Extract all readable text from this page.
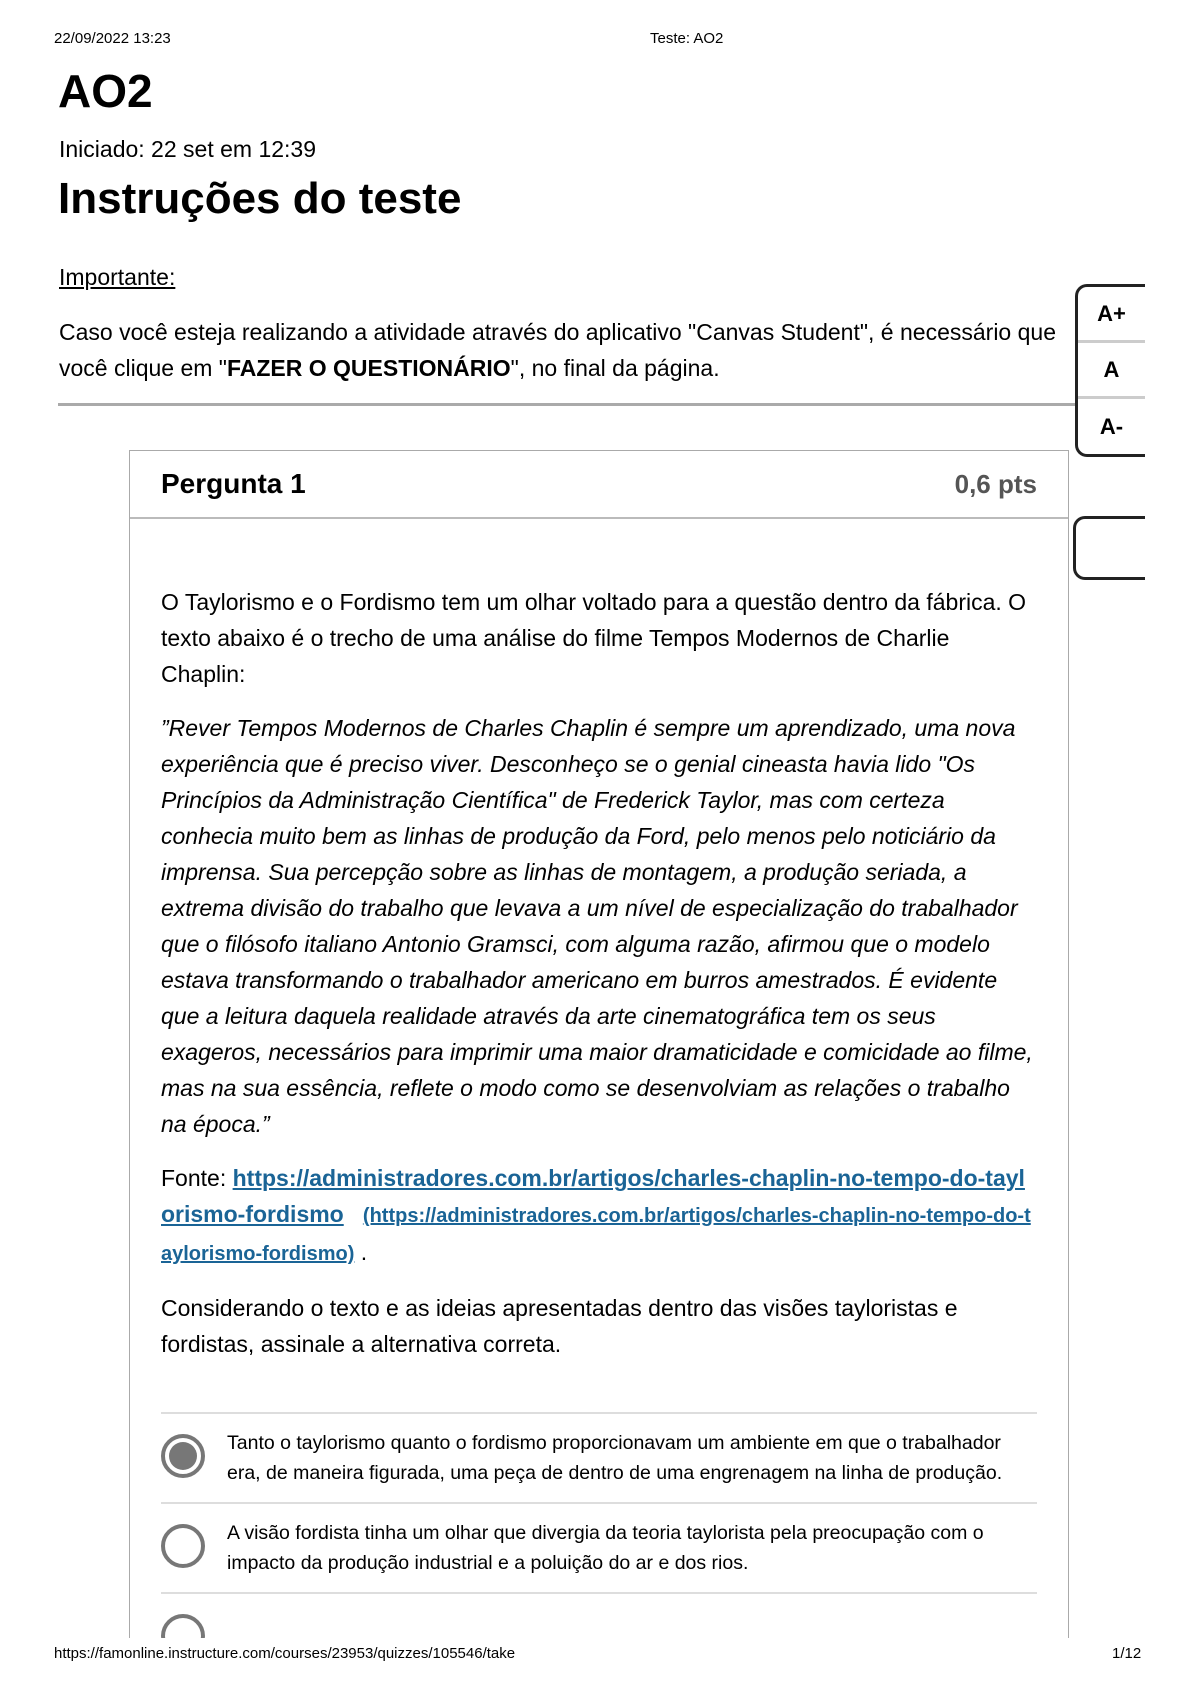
22/09/2022 13:23	Teste: AO2
AO2
Iniciado: 22 set em 12:39
Instruções do teste
Importante:
Caso você esteja realizando a atividade através do aplicativo "Canvas Student", é necessário que você clique em "FAZER O QUESTIONÁRIO", no final da página.
Pergunta 1	0,6 pts

O Taylorismo e o Fordismo tem um olhar voltado para a questão dentro da fábrica. O texto abaixo é o trecho de uma análise do filme Tempos Modernos de Charlie Chaplin:

”Rever Tempos Modernos de Charles Chaplin é sempre um aprendizado, uma nova experiência que é preciso viver. Desconheço se o genial cineasta havia lido "Os Princípios da Administração Científica" de Frederick Taylor, mas com certeza conhecia muito bem as linhas de produção da Ford, pelo menos pelo noticiário da imprensa. Sua percepção sobre as linhas de montagem, a produção seriada, a extrema divisão do trabalho que levava a um nível de especialização do trabalhador que o filósofo italiano Antonio Gramsci, com alguma razão, afirmou que o modelo estava transformando o trabalhador americano em burros amestrados. É evidente que a leitura daquela realidade através da arte cinematográfica tem os seus exageros, necessários para imprimir uma maior dramaticidade e comicidade ao filme, mas na sua essência, reflete o modo como se desenvolviam as relações o trabalho na época.”

Fonte: https://administradores.com.br/artigos/charles-chaplin-no-tempo-do-taylorismo-fordismo (https://administradores.com.br/artigos/charles-chaplin-no-tempo-do-taylorismo-fordismo) .

Considerando o texto e as ideias apresentadas dentro das visões tayloristas e fordistas, assinale a alternativa correta.

Tanto o taylorismo quanto o fordismo proporcionavam um ambiente em que o trabalhador era, de maneira figurada, uma peça de dentro de uma engrenagem na linha de produção.
A visão fordista tinha um olhar que divergia da teoria taylorista pela preocupação com o impacto da produção industrial e a poluição do ar e dos rios.
A+
A
A-
https://famonline.instructure.com/courses/23953/quizzes/105546/take	1/12
